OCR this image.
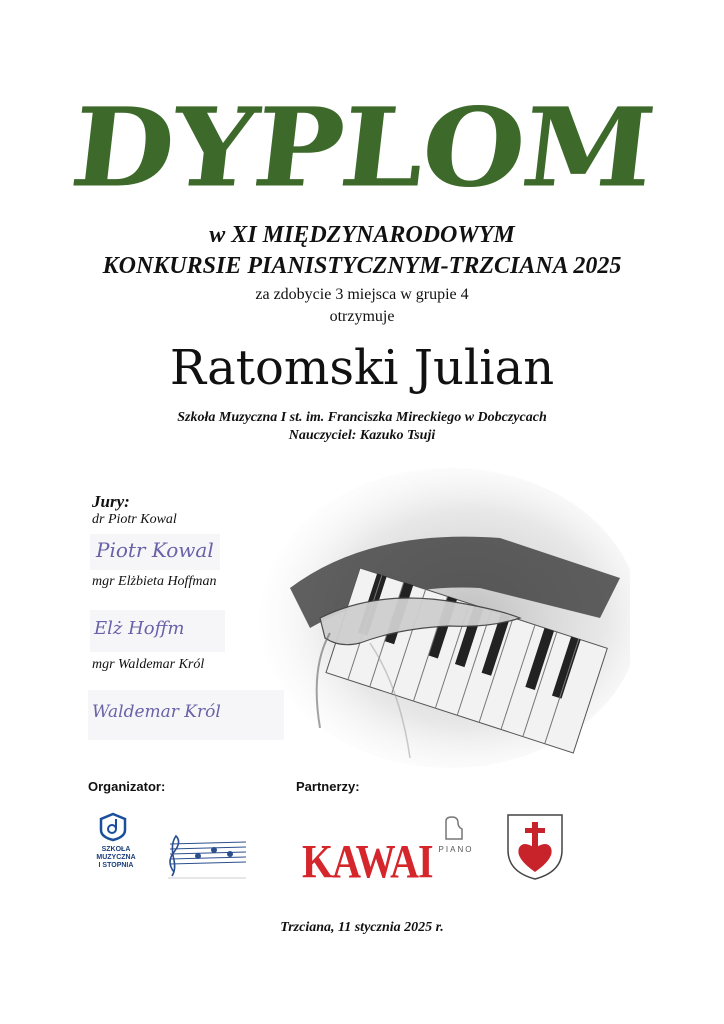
DYPLOM
w XI MIĘDZYNARODOWYM
KONKURSIE PIANISTYCZNYM-TRZCIANA 2025
za zdobycie 3 miejsca w grupie 4
otrzymuje
Ratomski Julian
Szkoła Muzyczna I st. im. Franciszka Mireckiego w Dobczycach
Nauczyciel: Kazuko Tsuji
Jury:
dr Piotr Kowal
Piotr Kowal
mgr Elżbieta Hoffman
Elż Hoffm
mgr Waldemar Król
Waldemar Król
Organizator:	Partnerzy:
SZKOŁA
MUZYCZNA
I STOPNIA	KAWAI PIANO
Trzciana, 11 stycznia 2025 r.
